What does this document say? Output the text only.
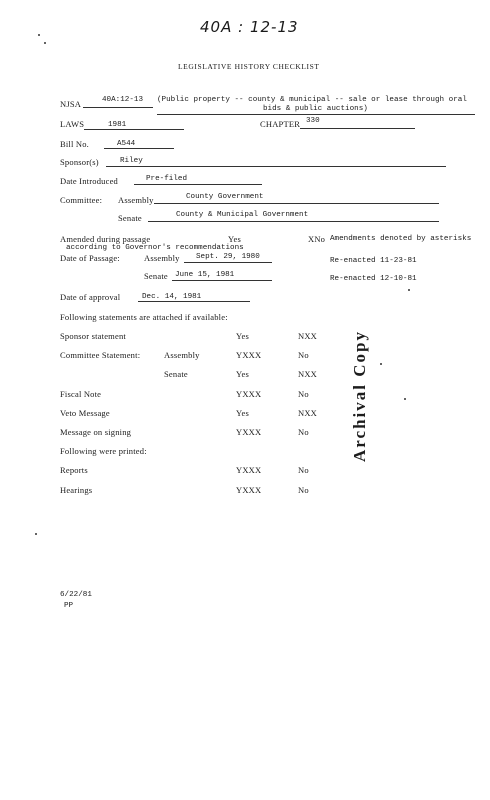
40A : 12-13
LEGISLATIVE HISTORY CHECKLIST
NJSA	40A:12-13 (Public property -- county & municipal -- sale or lease through oral
bids & public auctions)
LAWS	1981	CHAPTER 330
Bill No.	A544
Sponsor(s)	Riley
Date Introduced	Pre-filed
Committee: Assembly	County Government
Senate	County & Municipal Government
Amended during passage	Yes	XNo Amendments denoted by asterisks
according to Governor's recommendations
Date of Passage:	Assembly Sept. 29, 1980	Re-enacted 11-23-81
Senate June 15, 1981	Re-enacted 12-10-81
Date of approval	Dec. 14, 1981
Following statements are attached if available:
Sponsor statement	Yes	NXX
Committee Statement:	Assembly	YXXX	No
Senate	Yes	NXX
Fiscal Note	YXXX	No
Veto Message	Yes	NXX
Message on signing	YXXX	No
Following were printed:
Reports	YXXX	No
Hearings	YXXX	No
Archival Copy
6/22/81
PP
